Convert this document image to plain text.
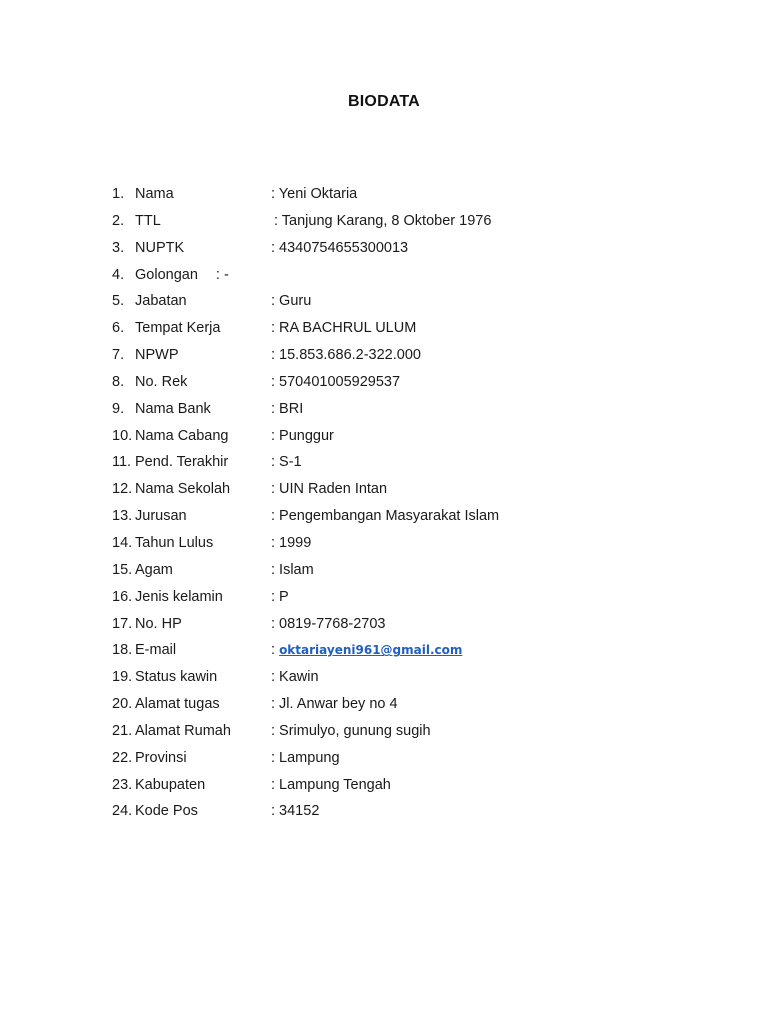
BIODATA
1. Nama	: Yeni Oktaria
2. TTL	: Tanjung Karang, 8 Oktober 1976
3. NUPTK	: 4340754655300013
4. Golongan : -
5. Jabatan	: Guru
6. Tempat Kerja	: RA BACHRUL ULUM
7. NPWP	: 15.853.686.2-322.000
8. No. Rek	: 570401005929537
9. Nama Bank	: BRI
10. Nama Cabang	: Punggur
11. Pend. Terakhir	: S-1
12. Nama Sekolah	: UIN Raden Intan
13. Jurusan	: Pengembangan Masyarakat Islam
14. Tahun Lulus	: 1999
15. Agam	: Islam
16. Jenis kelamin	: P
17. No. HP	: 0819-7768-2703
18. E-mail	: oktariayeni961@gmail.com
19. Status kawin	: Kawin
20. Alamat tugas	: Jl. Anwar bey no 4
21. Alamat Rumah	: Srimulyo, gunung sugih
22. Provinsi	: Lampung
23. Kabupaten	: Lampung Tengah
24. Kode Pos	: 34152
